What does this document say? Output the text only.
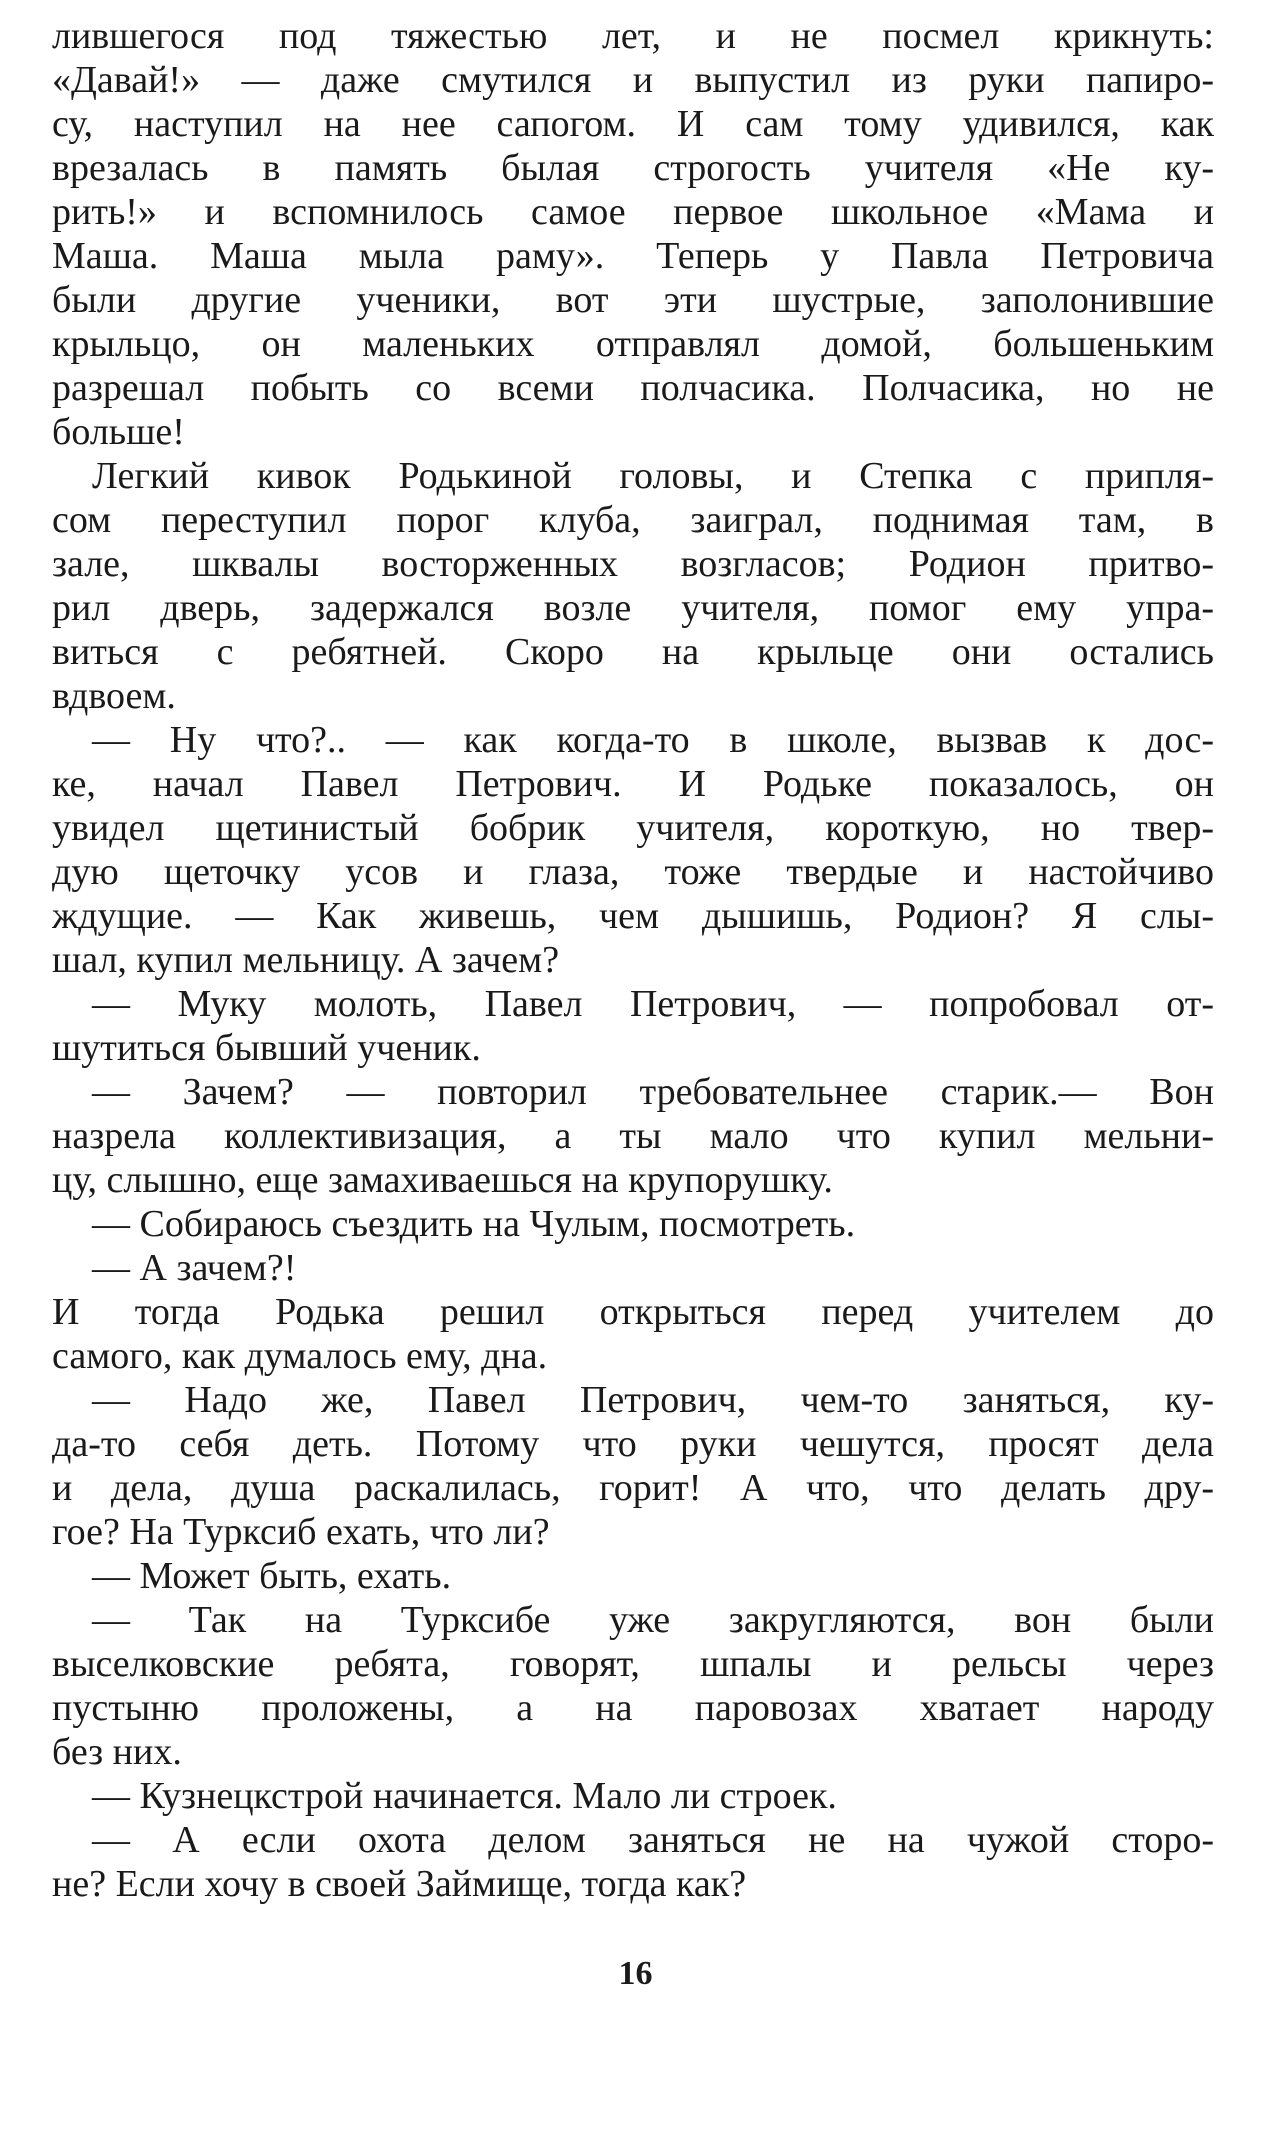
лившегося под тяжестью лет, и не посмел крикнуть:
«Давай!» — даже смутился и выпустил из руки папиро-
су, наступил на нее сапогом. И сам тому удивился, как
врезалась в память былая строгость учителя «Не ку-
рить!» и вспомнилось самое первое школьное «Мама и
Маша. Маша мыла раму». Теперь у Павла Петровича
были другие ученики, вот эти шустрые, заполонившие
крыльцо, он маленьких отправлял домой, большеньким
разрешал побыть со всеми полчасика. Полчасика, но не
больше!
Легкий кивок Родькиной головы, и Степка с припля-
сом переступил порог клуба, заиграл, поднимая там, в
зале, шквалы восторженных возгласов; Родион притво-
рил дверь, задержался возле учителя, помог ему упра-
виться с ребятней. Скоро на крыльце они остались
вдвоем.
— Ну что?.. — как когда-то в школе, вызвав к дос-
ке, начал Павел Петрович. И Родьке показалось, он
увидел щетинистый бобрик учителя, короткую, но твер-
дую щеточку усов и глаза, тоже твердые и настойчиво
ждущие. — Как живешь, чем дышишь, Родион? Я слы-
шал, купил мельницу. А зачем?
— Муку молоть, Павел Петрович, — попробовал от-
шутиться бывший ученик.
— Зачем? — повторил требовательнее старик.— Вон
назрела коллективизация, а ты мало что купил мельни-
цу, слышно, еще замахиваешься на крупорушку.
— Собираюсь съездить на Чулым, посмотреть.
— А зачем?!
И тогда Родька решил открыться перед учителем до
самого, как думалось ему, дна.
— Надо же, Павел Петрович, чем-то заняться, ку-
да-то себя деть. Потому что руки чешутся, просят дела
и дела, душа раскалилась, горит! А что, что делать дру-
гое? На Турксиб ехать, что ли?
— Может быть, ехать.
— Так на Турксибе уже закругляются, вон были
выселковские ребята, говорят, шпалы и рельсы через
пустыню проложены, а на паровозах хватает народу
без них.
— Кузнецкстрой начинается. Мало ли строек.
— А если охота делом заняться не на чужой сторо-
не? Если хочу в своей Займище, тогда как?
16
